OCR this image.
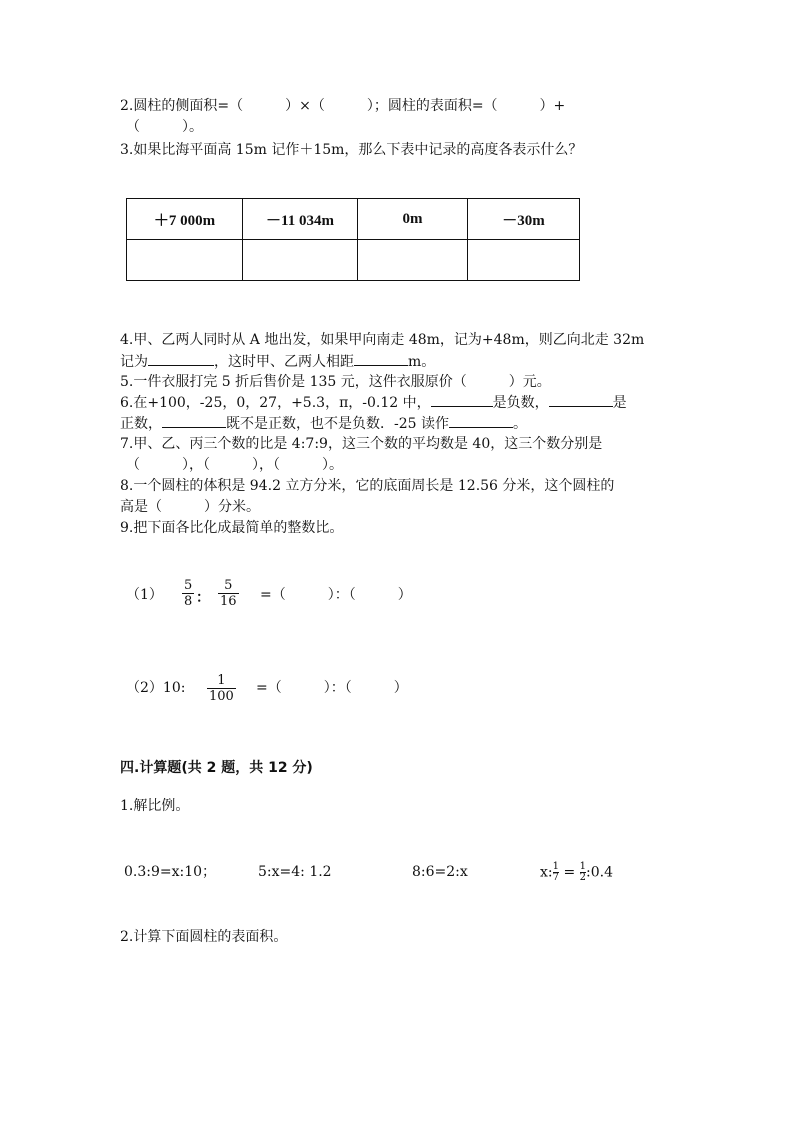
2.圆柱的侧面积=（　　　）×（　　　）；圆柱的表面积=（　　　）+
（　　　）。
3.如果比海平面高 15m 记作＋15m，那么下表中记录的高度各表示什么？
＋7 000m	－11 034m	0m	－30m

4.甲、乙两人同时从 A 地出发，如果甲向南走 48m，记为+48m，则乙向北走 32m
记为	，这时甲、乙两人相距	m。
5.一件衣服打完 5 折后售价是 135 元，这件衣服原价（　　　）元。
6.在+100，-25，0，27，+5.3，π，-0.12 中，	是负数，	是
正数，	既不是正数，也不是负数．-25 读作	。
7.甲、乙、丙三个数的比是 4:7:9，这三个数的平均数是 40，这三个数分别是
（　　　），（　　　），（　　　）。
8.一个圆柱的体积是 94.2 立方分米，它的底面周长是 12.56 分米，这个圆柱的
高是（　　　）分米。
9.把下面各比化成最简单的整数比。
$(1) \frac{5}{8}$ ： $\frac{5}{16}$ =（　　　）：（　　　）
（2）10: $\frac{1}{100}$ =（　　　）：（　　　）
四.计算题(共 2 题，共 12 分)
1.解比例。
0.3:9=x:10；	5:x=4: 1.2	8:6=2:x	x: $\frac{1}{7} = \frac{1}{2}$ :0.4
2.计算下面圆柱的表面积。
